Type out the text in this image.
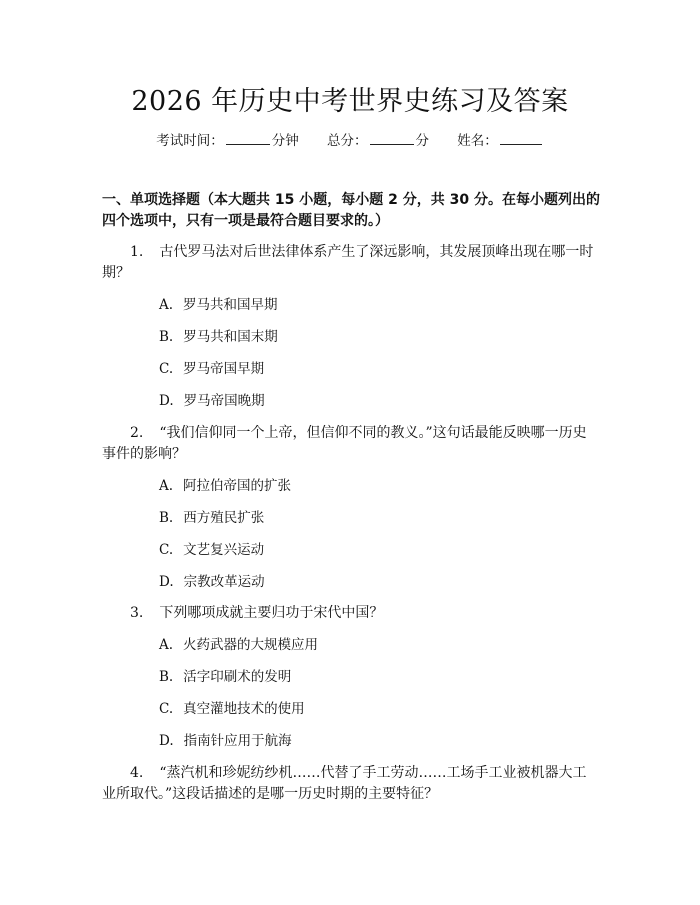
2026 年历史中考世界史练习及答案
考试时间：	分钟 总分：	分 姓名：
一、单项选择题（本大题共 15 小题，每小题 2 分，共 30 分。在每小题列出的四个选项中，只有一项是最符合题目要求的。）
1. 古代罗马法对后世法律体系产生了深远影响，其发展顶峰出现在哪一时期？
A. 罗马共和国早期
B. 罗马共和国末期
C. 罗马帝国早期
D. 罗马帝国晚期
2. “我们信仰同一个上帝，但信仰不同的教义。”这句话最能反映哪一历史事件的影响？
A. 阿拉伯帝国的扩张
B. 西方殖民扩张
C. 文艺复兴运动
D. 宗教改革运动
3. 下列哪项成就主要归功于宋代中国？
A. 火药武器的大规模应用
B. 活字印刷术的发明
C. 真空灌地技术的使用
D. 指南针应用于航海
4. “蒸汽机和珍妮纺纱机……代替了手工劳动……工场手工业被机器大工业所取代。”这段话描述的是哪一历史时期的主要特征？
